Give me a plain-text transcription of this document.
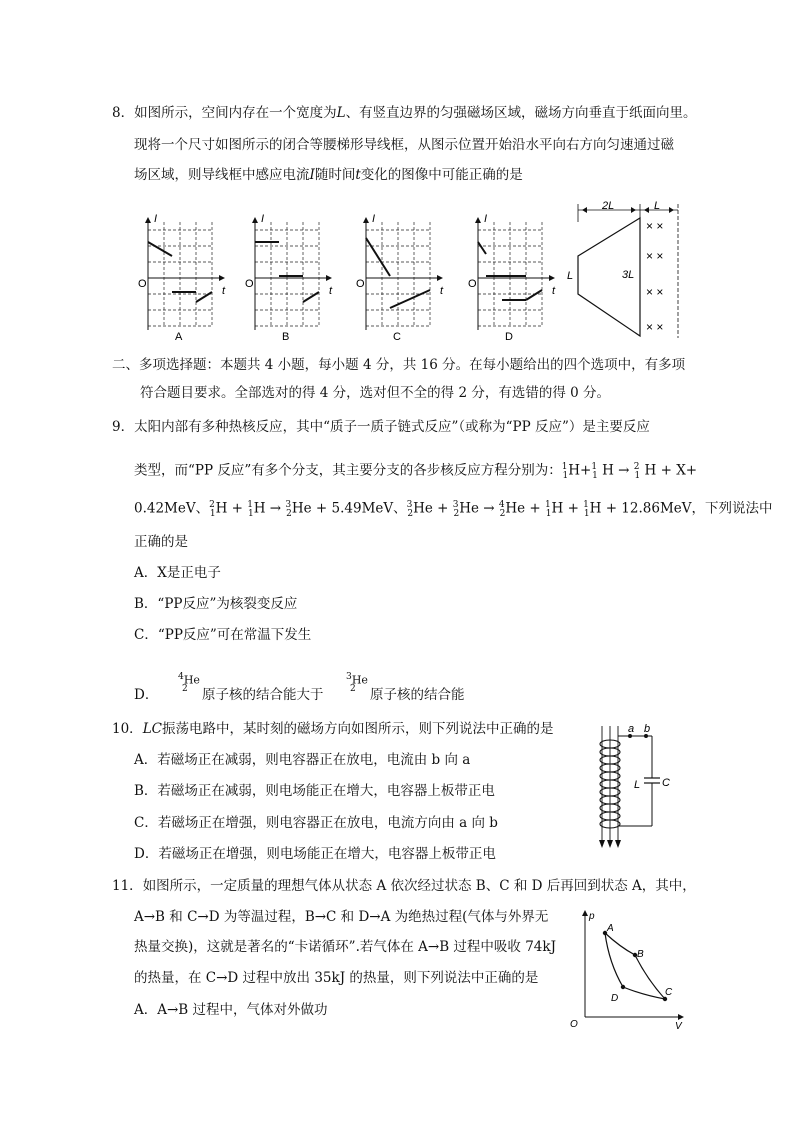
8．如图所示，空间内存在一个宽度为L、有竖直边界的匀强磁场区域，磁场方向垂直于纸面向里。
现将一个尺寸如图所示的闭合等腰梯形导线框，从图示位置开始沿水平向右方向匀速通过磁
场区域，则导线框中感应电流I随时间t变化的图像中可能正确的是
I
O
t
A
I
O
t
B
I
O
t
C
I
O
t
D
2L	L
L	3L
× ×
× ×
× ×
× ×
二、多项选择题：本题共 4 小题，每小题 4 分，共 16 分。在每小题给出的四个选项中，有多项
符合题目要求。全部选对的得 4 分，选对但不全的得 2 分，有选错的得 0 分。
9．太阳内部有多种热核反应，其中“质子一质子链式反应”（或称为“PP 反应”）是主要反应
类型，而“PP 反应”有多个分支，其主要分支的各步核反应方程分别为：$^1_1$H+$^1_1$ H → $^2_1$ H + X+
0.42MeV、$^2_1$H + $^1_1$H → $^3_2$He + 5.49MeV、$^3_2$He + $^3_2$He → $^4_2$He + $^1_1$H + $^1_1$H + 12.86MeV，下列说法中
正确的是
A．X是正电子
B．“PP反应”为核裂变反应
C．“PP反应”可在常温下发生
D．
$^4$He
2 原子核的结合能大于
$^3$He
2 原子核的结合能
10．LC振荡电路中，某时刻的磁场方向如图所示，则下列说法中正确的是
A．若磁场正在减弱，则电容器正在放电，电流由 b 向 a
B．若磁场正在减弱，则电场能正在增大，电容器上板带正电
C．若磁场正在增强，则电容器正在放电，电流方向由 a 向 b
D．若磁场正在增强，则电场能正在增大，电容器上板带正电
a b
C
L
11．如图所示，一定质量的理想气体从状态 A 依次经过状态 B、C 和 D 后再回到状态 A，其中，
A→B 和 C→D 为等温过程，B→C 和 D→A 为绝热过程(气体与外界无
热量交换)，这就是著名的“卡诺循环”.若气体在 A→B 过程中吸收 74kJ
的热量，在 C→D 过程中放出 35kJ 的热量，则下列说法中正确的是
A．A→B 过程中，气体对外做功
p
V
O
A
B
C
D
